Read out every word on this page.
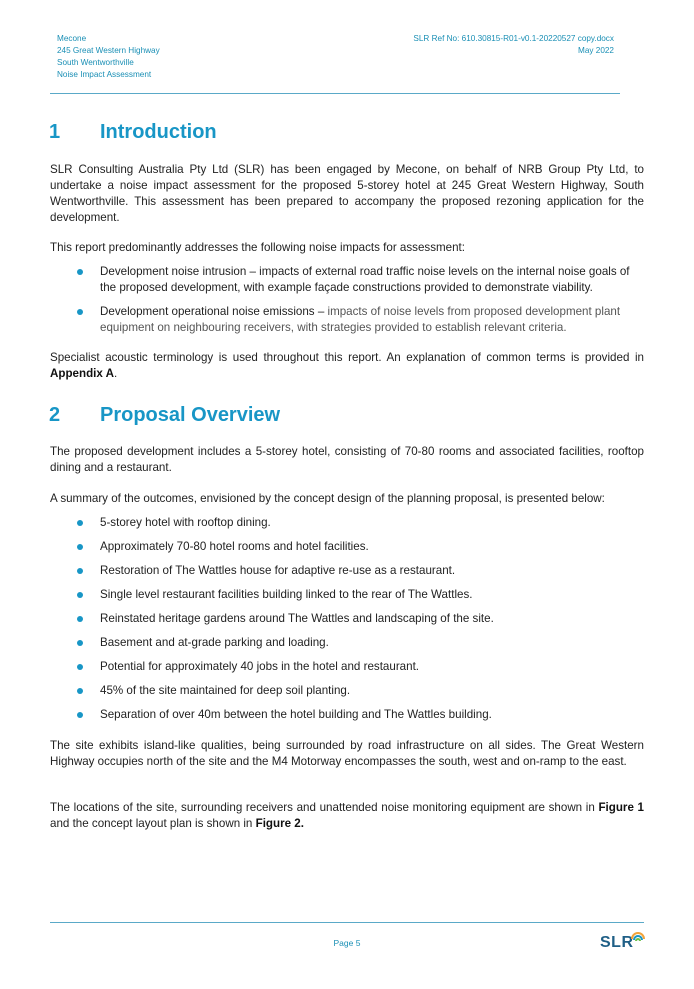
Mecone
245 Great Western Highway
South Wentworthville
Noise Impact Assessment
SLR Ref No: 610.30815-R01-v0.1-20220527 copy.docx
May 2022
1 Introduction

SLR Consulting Australia Pty Ltd (SLR) has been engaged by Mecone, on behalf of NRB Group Pty Ltd, to undertake a noise impact assessment for the proposed 5-storey hotel at 245 Great Western Highway, South Wentworthville. This assessment has been prepared to accompany the proposed rezoning application for the development.

This report predominantly addresses the following noise impacts for assessment:

Development noise intrusion – impacts of external road traffic noise levels on the internal noise goals of the proposed development, with example façade constructions provided to demonstrate viability.
Development operational noise emissions – impacts of noise levels from proposed development plant equipment on neighbouring receivers, with strategies provided to establish relevant criteria.

Specialist acoustic terminology is used throughout this report. An explanation of common terms is provided in Appendix A.

2 Proposal Overview

The proposed development includes a 5-storey hotel, consisting of 70-80 rooms and associated facilities, rooftop dining and a restaurant.

A summary of the outcomes, envisioned by the concept design of the planning proposal, is presented below:

5-storey hotel with rooftop dining.
Approximately 70-80 hotel rooms and hotel facilities.
Restoration of The Wattles house for adaptive re-use as a restaurant.
Single level restaurant facilities building linked to the rear of The Wattles.
Reinstated heritage gardens around The Wattles and landscaping of the site.
Basement and at-grade parking and loading.
Potential for approximately 40 jobs in the hotel and restaurant.
45% of the site maintained for deep soil planting.
Separation of over 40m between the hotel building and The Wattles building.

The site exhibits island-like qualities, being surrounded by road infrastructure on all sides. The Great Western Highway occupies north of the site and the M4 Motorway encompasses the south, west and on-ramp to the east.

The locations of the site, surrounding receivers and unattended noise monitoring equipment are shown in Figure 1 and the concept layout plan is shown in Figure 2.

Page 5	SLR
